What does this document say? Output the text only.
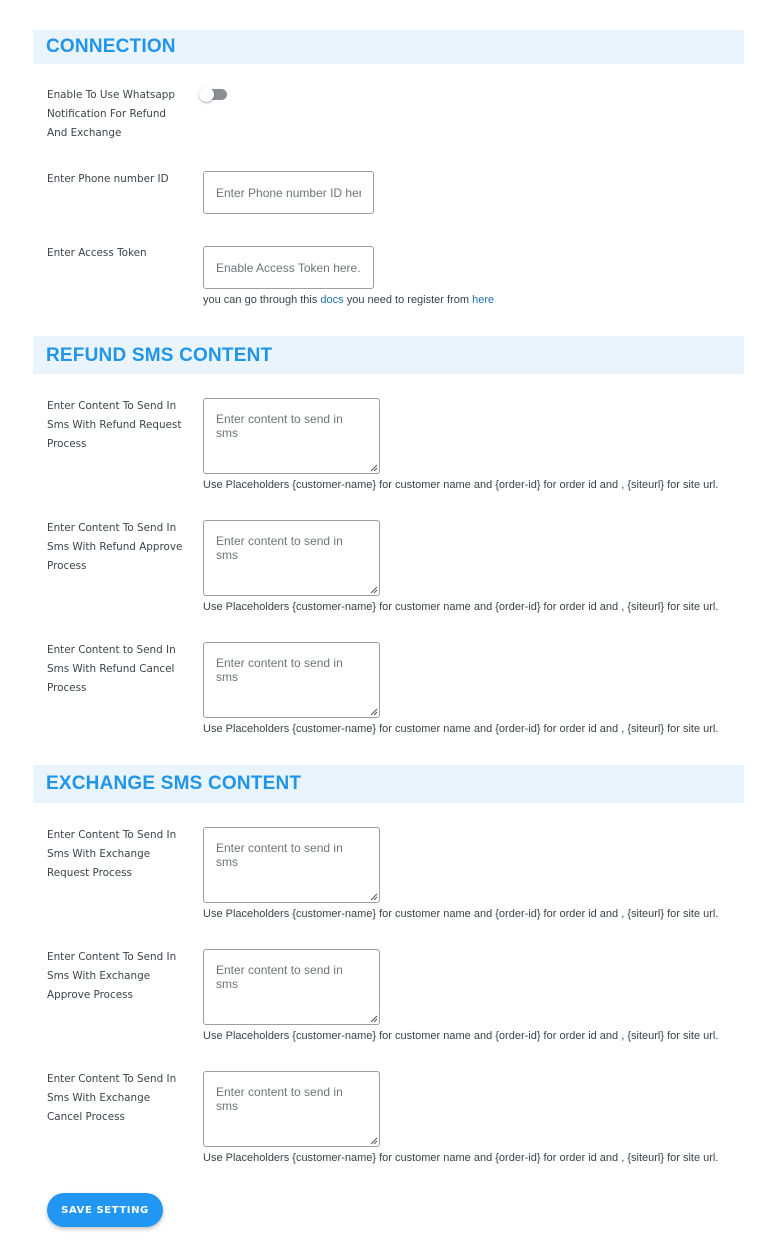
CONNECTION
Enable To Use Whatsapp Notification For Refund And Exchange
Enter Phone number ID
Enter Phone number ID here.
Enter Access Token
Enable Access Token here.
you can go through this docs you need to register from here
REFUND SMS CONTENT
Enter Content To Send In Sms With Refund Request Process
Enter content to send in sms
Use Placeholders {customer-name} for customer name and {order-id} for order id and , {siteurl} for site url.
Enter Content To Send In Sms With Refund Approve Process
Enter content to send in sms
Use Placeholders {customer-name} for customer name and {order-id} for order id and , {siteurl} for site url.
Enter Content to Send In Sms With Refund Cancel Process
Enter content to send in sms
Use Placeholders {customer-name} for customer name and {order-id} for order id and , {siteurl} for site url.
EXCHANGE SMS CONTENT
Enter Content To Send In Sms With Exchange Request Process
Enter content to send in sms
Use Placeholders {customer-name} for customer name and {order-id} for order id and , {siteurl} for site url.
Enter Content To Send In Sms With Exchange Approve Process
Enter content to send in sms
Use Placeholders {customer-name} for customer name and {order-id} for order id and , {siteurl} for site url.
Enter Content To Send In Sms With Exchange Cancel Process
Enter content to send in sms
Use Placeholders {customer-name} for customer name and {order-id} for order id and , {siteurl} for site url.
SAVE SETTING
